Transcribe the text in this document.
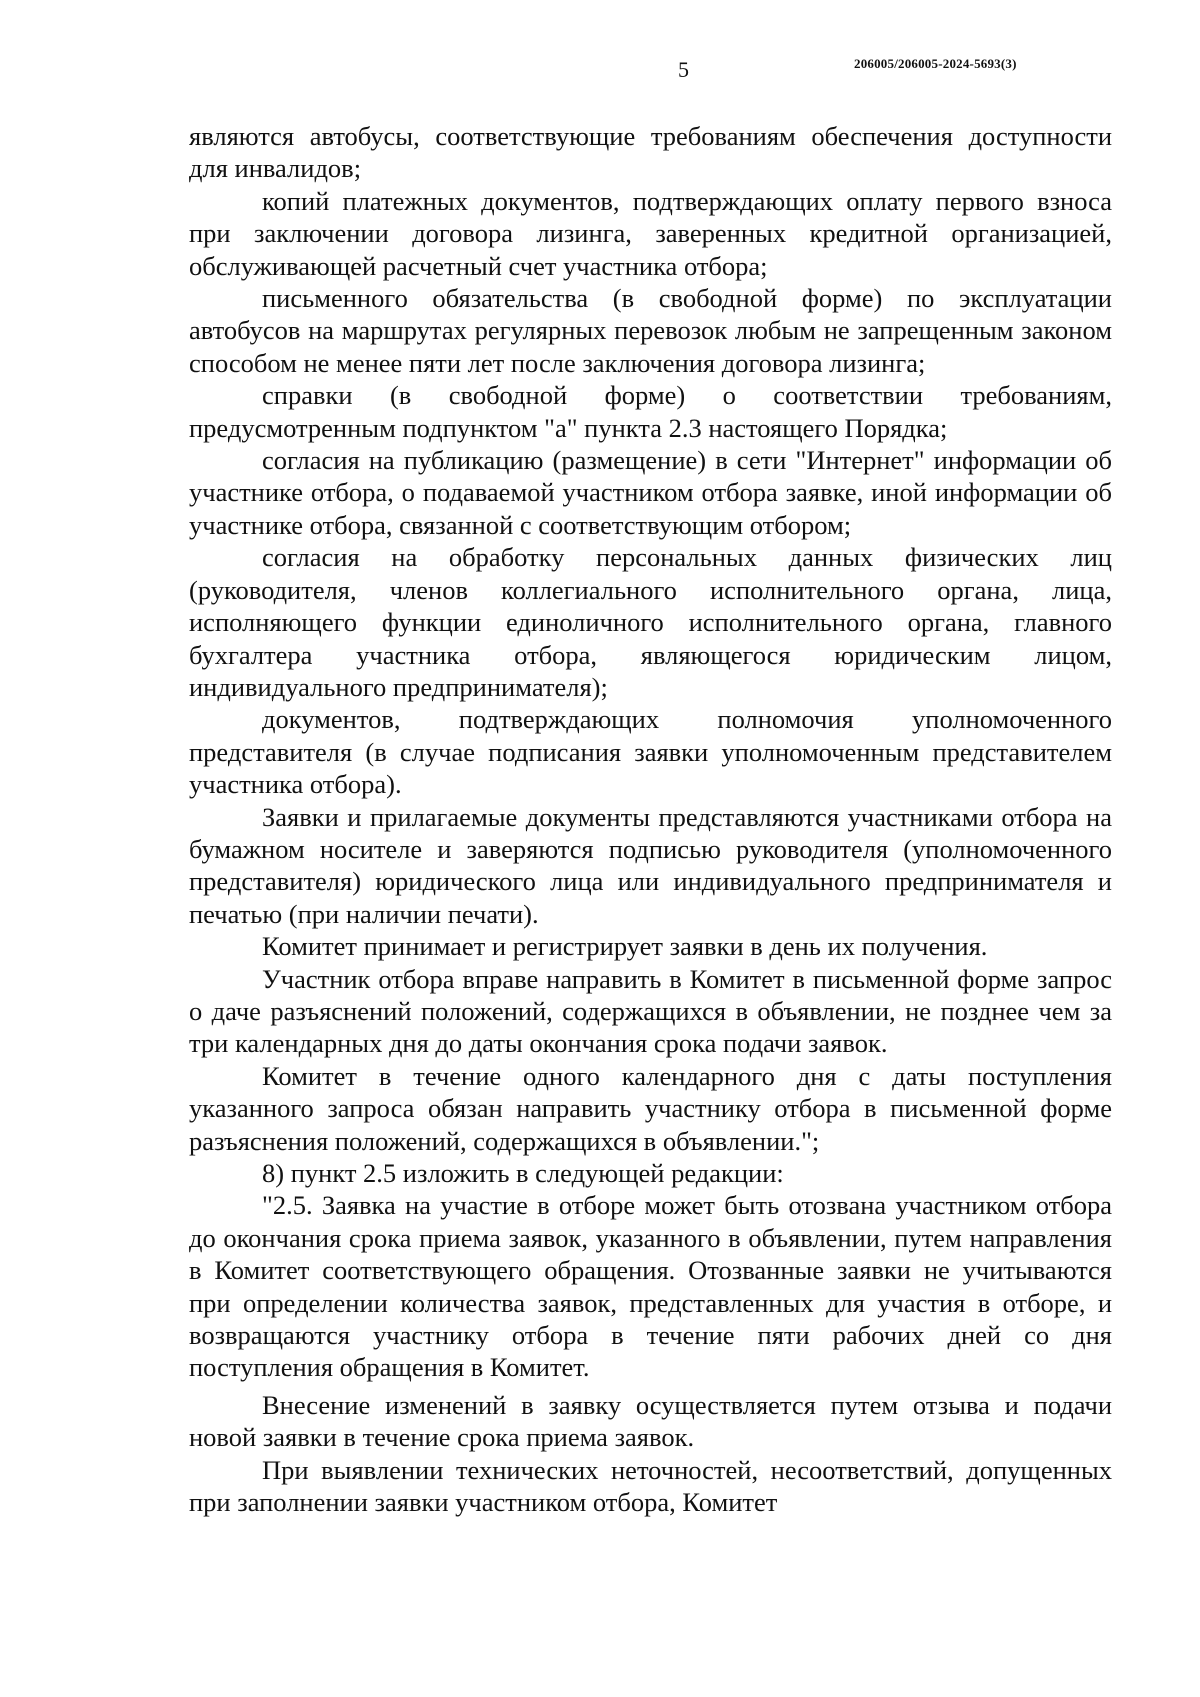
5	206005/206005-2024-5693(3)

являются автобусы, соответствующие требованиям обеспечения доступности для инвалидов;

копий платежных документов, подтверждающих оплату первого взноса при заключении договора лизинга, заверенных кредитной организацией, обслуживающей расчетный счет участника отбора;

письменного обязательства (в свободной форме) по эксплуатации автобусов на маршрутах регулярных перевозок любым не запрещенным законом способом не менее пяти лет после заключения договора лизинга;

справки (в свободной форме) о соответствии требованиям, предусмотренным подпунктом "а" пункта 2.3 настоящего Порядка;

согласия на публикацию (размещение) в сети "Интернет" информации об участнике отбора, о подаваемой участником отбора заявке, иной информации об участнике отбора, связанной с соответствующим отбором;

согласия на обработку персональных данных физических лиц (руководителя, членов коллегиального исполнительного органа, лица, исполняющего функции единоличного исполнительного органа, главного бухгалтера участника отбора, являющегося юридическим лицом, индивидуального предпринимателя);

документов, подтверждающих полномочия уполномоченного представителя (в случае подписания заявки уполномоченным представителем участника отбора).

Заявки и прилагаемые документы представляются участниками отбора на бумажном носителе и заверяются подписью руководителя (уполномоченного представителя) юридического лица или индивидуального предпринимателя и печатью (при наличии печати).

Комитет принимает и регистрирует заявки в день их получения.

Участник отбора вправе направить в Комитет в письменной форме запрос о даче разъяснений положений, содержащихся в объявлении, не позднее чем за три календарных дня до даты окончания срока подачи заявок.

Комитет в течение одного календарного дня с даты поступления указанного запроса обязан направить участнику отбора в письменной форме разъяснения положений, содержащихся в объявлении.";

8) пункт 2.5 изложить в следующей редакции:

"2.5. Заявка на участие в отборе может быть отозвана участником отбора до окончания срока приема заявок, указанного в объявлении, путем направления в Комитет соответствующего обращения. Отозванные заявки не учитываются при определении количества заявок, представленных для участия в отборе, и возвращаются участнику отбора в течение пяти рабочих дней со дня поступления обращения в Комитет.

Внесение изменений в заявку осуществляется путем отзыва и подачи новой заявки в течение срока приема заявок.

При выявлении технических неточностей, несоответствий, допущенных при заполнении заявки участником отбора, Комитет
